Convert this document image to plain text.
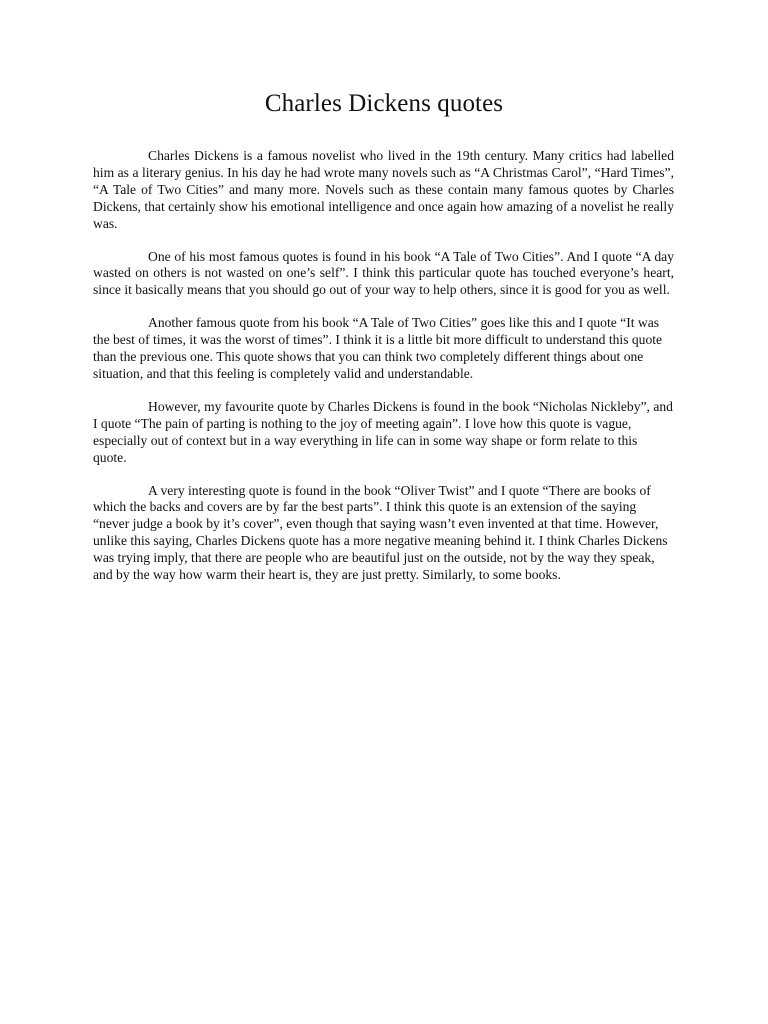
Charles Dickens quotes

Charles Dickens is a famous novelist who lived in the 19th century. Many critics had labelled him as a literary genius. In his day he had wrote many novels such as “A Christmas Carol”, “Hard Times”, “A Tale of Two Cities” and many more. Novels such as these contain many famous quotes by Charles Dickens, that certainly show his emotional intelligence and once again how amazing of a novelist he really was.

One of his most famous quotes is found in his book “A Tale of Two Cities”. And I quote “A day wasted on others is not wasted on one’s self”. I think this particular quote has touched everyone’s heart, since it basically means that you should go out of your way to help others, since it is good for you as well.

Another famous quote from his book “A Tale of Two Cities” goes like this and I quote “It was the best of times, it was the worst of times”. I think it is a little bit more difficult to understand this quote than the previous one. This quote shows that you can think two completely different things about one situation, and that this feeling is completely valid and understandable.

However, my favourite quote by Charles Dickens is found in the book “Nicholas Nickleby”, and I quote “The pain of parting is nothing to the joy of meeting again”. I love how this quote is vague, especially out of context but in a way everything in life can in some way shape or form relate to this quote.

A very interesting quote is found in the book “Oliver Twist” and I quote “There are books of which the backs and covers are by far the best parts”. I think this quote is an extension of the saying “never judge a book by it’s cover”, even though that saying wasn’t even invented at that time. However, unlike this saying, Charles Dickens quote has a more negative meaning behind it. I think Charles Dickens was trying imply, that there are people who are beautiful just on the outside, not by the way they speak, and by the way how warm their heart is, they are just pretty. Similarly, to some books.
